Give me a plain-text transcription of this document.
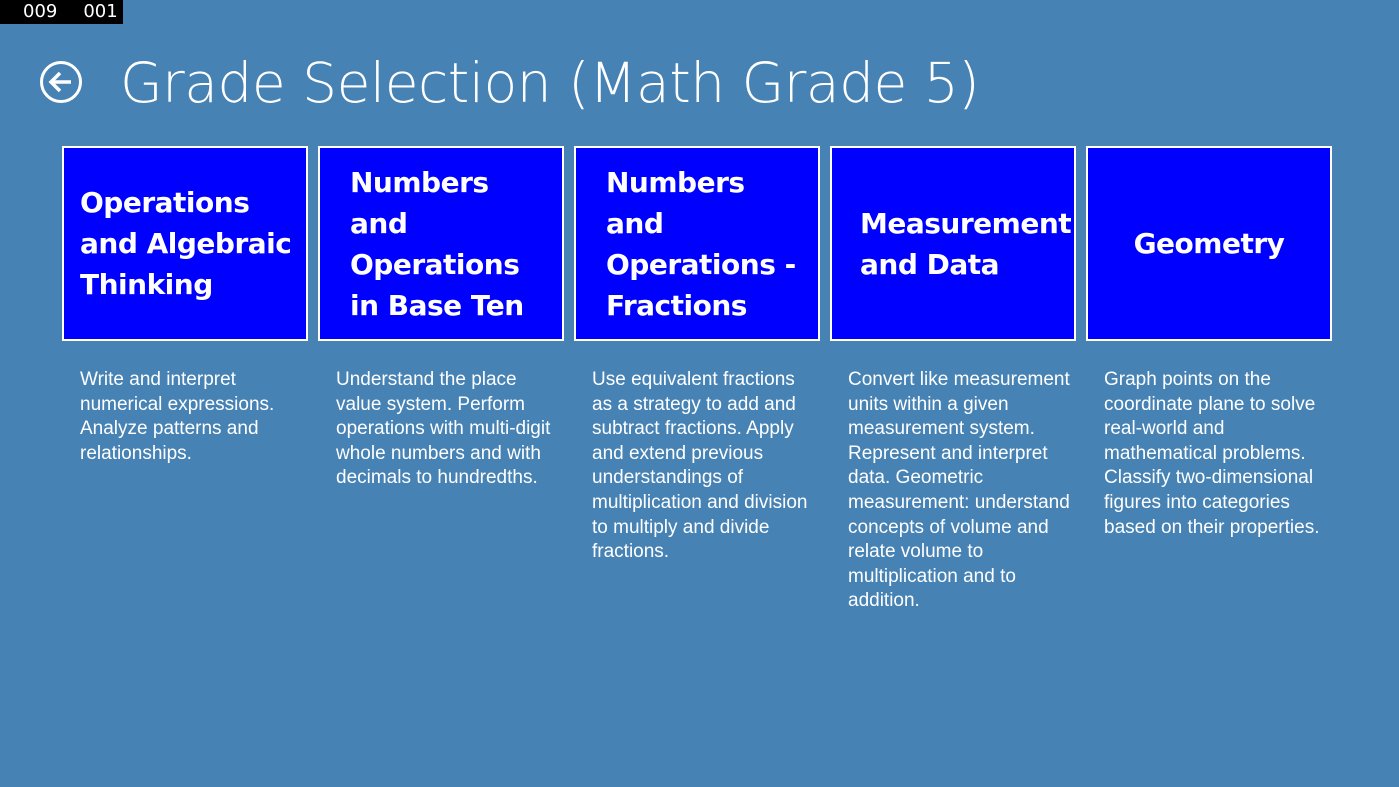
009 001
Grade Selection (Math Grade 5)
Operations and Algebraic Thinking
Numbers and Operations in Base Ten
Numbers and Operations - Fractions
Measurement and Data
Geometry
Write and interpret numerical expressions. Analyze patterns and relationships.
Understand the place value system. Perform operations with multi-digit whole numbers and with decimals to hundredths.
Use equivalent fractions as a strategy to add and subtract fractions. Apply and extend previous understandings of multiplication and division to multiply and divide fractions.
Convert like measurement units within a given measurement system. Represent and interpret data. Geometric measurement: understand concepts of volume and relate volume to multiplication and to addition.
Graph points on the coordinate plane to solve real-world and mathematical problems. Classify two-dimensional figures into categories based on their properties.
